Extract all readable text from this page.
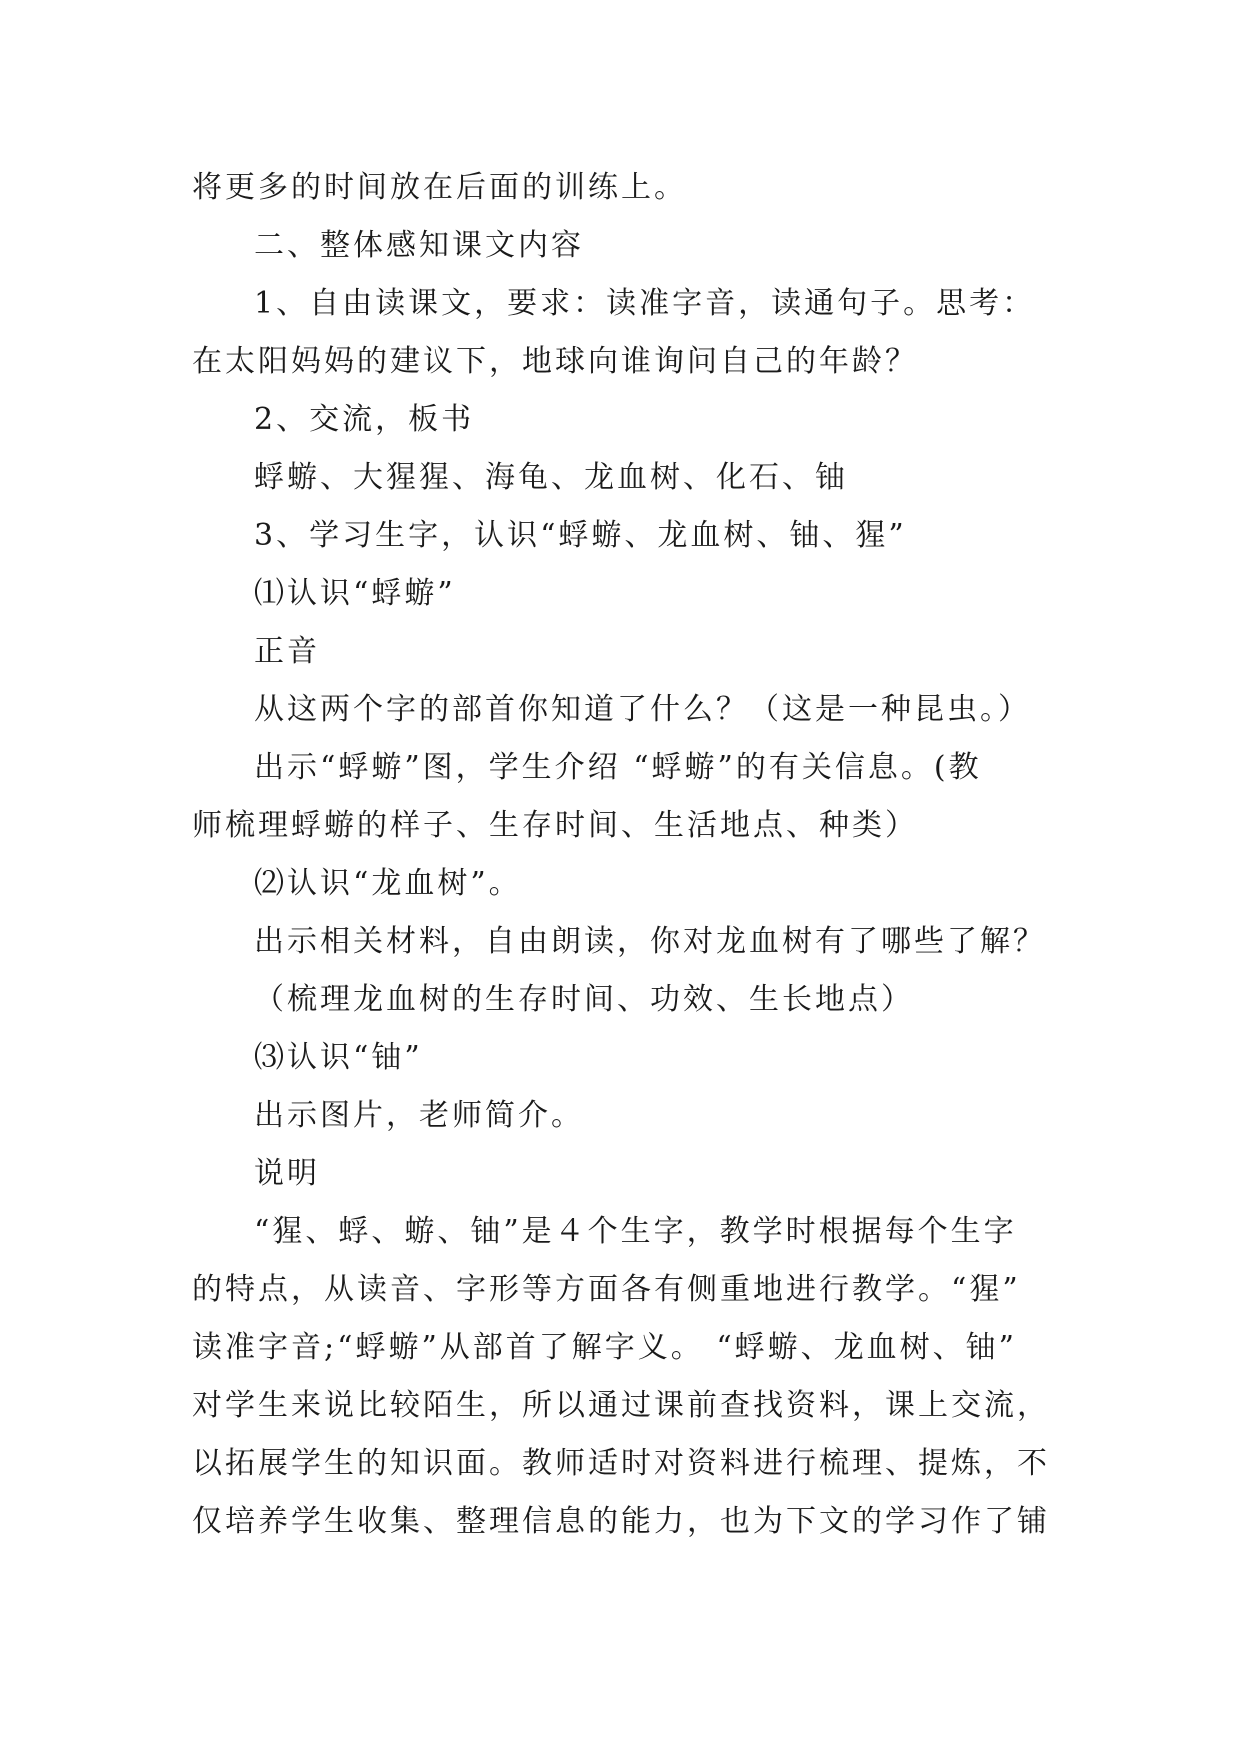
将更多的时间放在后面的训练上。
二、整体感知课文内容
1、自由读课文，要求：读准字音，读通句子。思考：
在太阳妈妈的建议下，地球向谁询问自己的年龄？
2、交流，板书
蜉蝣、大猩猩、海龟、龙血树、化石、铀
3、学习生字，认识“蜉蝣、龙血树、铀、猩”
⑴认识“蜉蝣”
正音
从这两个字的部首你知道了什么？（这是一种昆虫。）
出示“蜉蝣”图，学生介绍 “蜉蝣”的有关信息。(教
师梳理蜉蝣的样子、生存时间、生活地点、种类）
⑵认识“龙血树”。
出示相关材料，自由朗读，你对龙血树有了哪些了解？
（梳理龙血树的生存时间、功效、生长地点）
⑶认识“铀”
出示图片，老师简介。
说明
“猩、蜉、蝣、铀”是４个生字，教学时根据每个生字
的特点，从读音、字形等方面各有侧重地进行教学。“猩”
读准字音;“蜉蝣”从部首了解字义。 “蜉蝣、龙血树、铀”
对学生来说比较陌生，所以通过课前查找资料，课上交流，
以拓展学生的知识面。教师适时对资料进行梳理、提炼，不
仅培养学生收集、整理信息的能力，也为下文的学习作了铺
